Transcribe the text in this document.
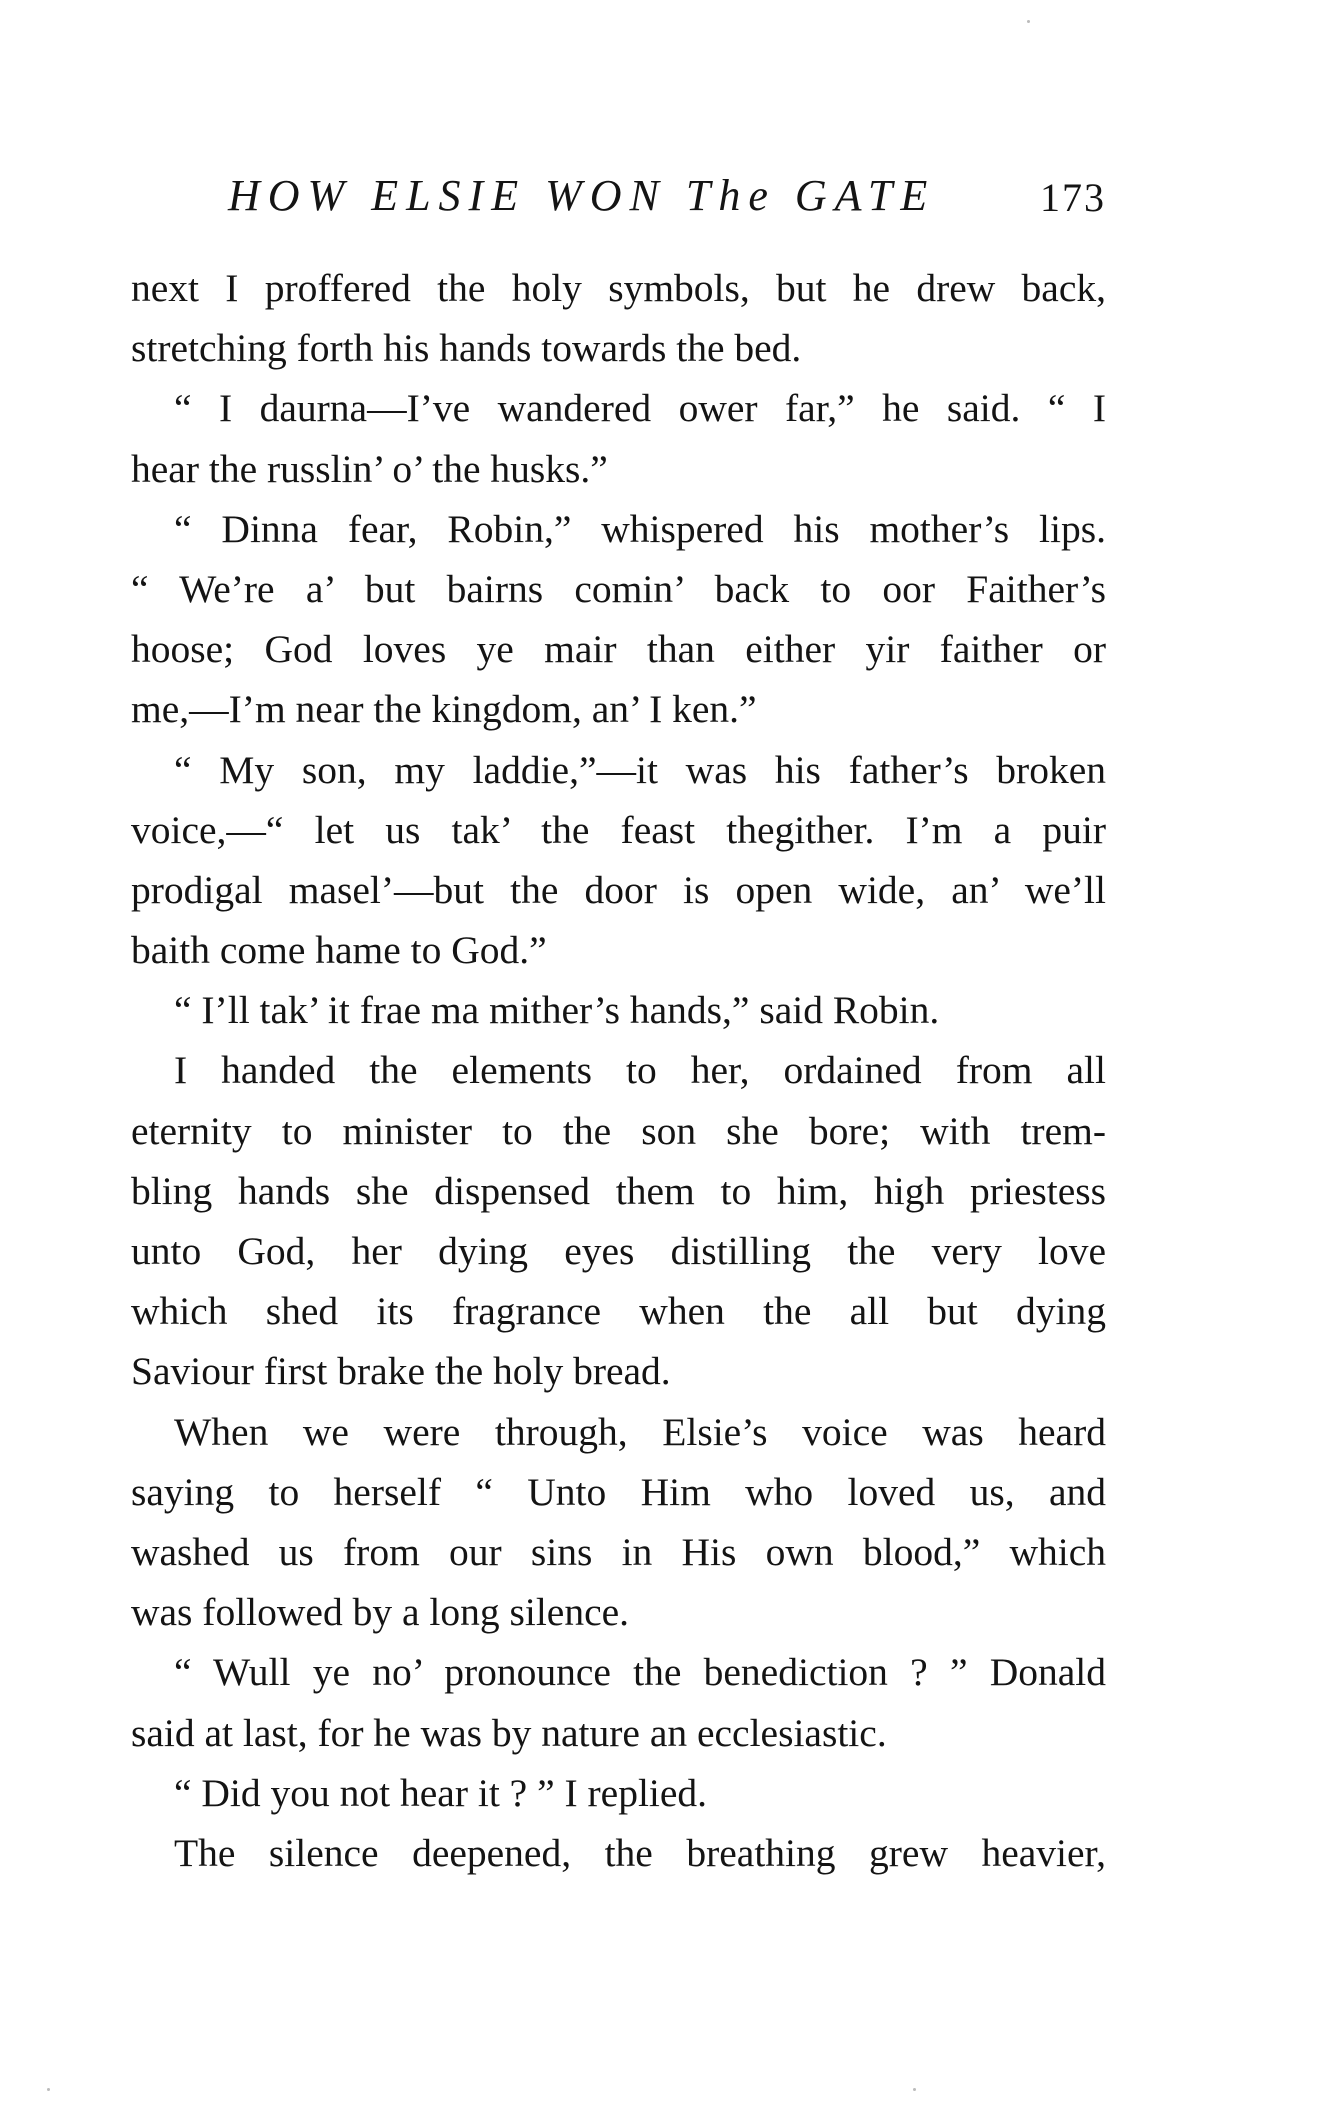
HOW ELSIE WON The GATE	173
next I proffered the holy symbols, but he drew back,
stretching forth his hands towards the bed.
“ I daurna—I’ve wandered ower far,” he said. “ I
hear the russlin’ o’ the husks.”
“ Dinna fear, Robin,” whispered his mother’s lips.
“ We’re a’ but bairns comin’ back to oor Faither’s
hoose; God loves ye mair than either yir faither or
me,—I’m near the kingdom, an’ I ken.”
“ My son, my laddie,”—it was his father’s broken
voice,—“ let us tak’ the feast thegither. I’m a puir
prodigal masel’—but the door is open wide, an’ we’ll
baith come hame to God.”
“ I’ll tak’ it frae ma mither’s hands,” said Robin.
I handed the elements to her, ordained from all
eternity to minister to the son she bore; with trem-
bling hands she dispensed them to him, high priestess
unto God, her dying eyes distilling the very love
which shed its fragrance when the all but dying
Saviour first brake the holy bread.
When we were through, Elsie’s voice was heard
saying to herself “ Unto Him who loved us, and
washed us from our sins in His own blood,” which
was followed by a long silence.
“ Wull ye no’ pronounce the benediction ? ” Donald
said at last, for he was by nature an ecclesiastic.
“ Did you not hear it ? ” I replied.
The silence deepened, the breathing grew heavier,
